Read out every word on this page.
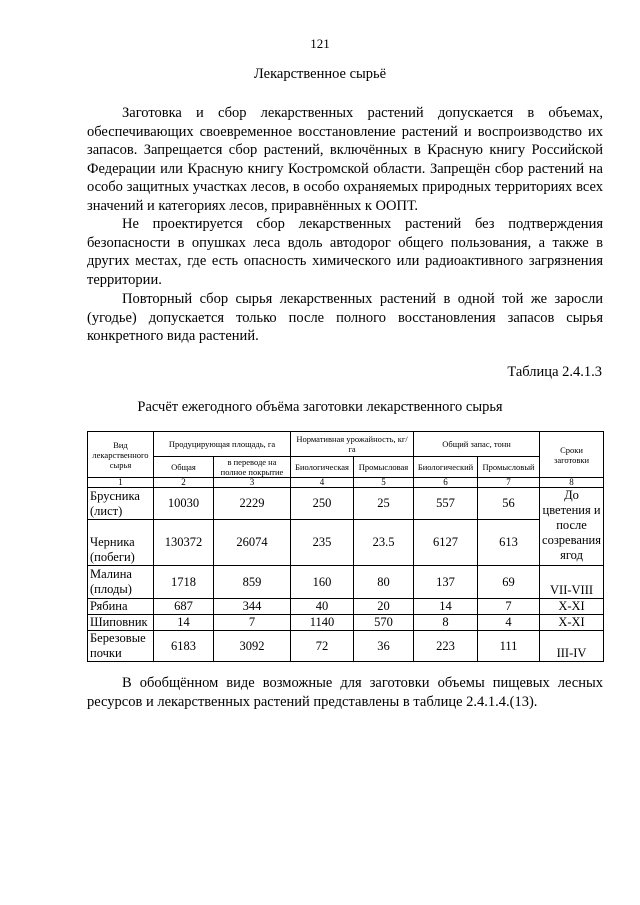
121
Лекарственное сырьё

Заготовка и сбор лекарственных растений допускается в объемах, обеспечивающих своевременное восстановление растений и воспроизводство их запасов. Запрещается сбор растений, включённых в Красную книгу Российской Федерации или Красную книгу Костромской области. Запрещён сбор растений на особо защитных участках лесов, в особо охраняемых природных территориях всех значений и категориях лесов, приравнённых к ООПТ.

Не проектируется сбор лекарственных растений без подтверждения безопасности в опушках леса вдоль автодорог общего пользования, а также в других местах, где есть опасность химического или радиоактивного загрязнения территории.

Повторный сбор сырья лекарственных растений в одной той же заросли (угодье) допускается только после полного восстановления запасов сырья конкретного вида растений.

Таблица 2.4.1.3
Расчёт ежегодного объёма заготовки лекарственного сырья
Вид лекарственного сырья	Продуцирующая площадь, га		Нормативная урожайность, кг/га		Общий запас, тонн		Сроки заготовки
	Общая	в переводе на полное покрытие	Биологическая	Промысловая	Биологический	Промысловый	
1	2	3	4	5	6	7	8
Брусника (лист)	10030	2229	250	25	557	56	До цветения и после созревания ягод
Черника (побеги)	130372	26074	235	23.5	6127	613	
Малина (плоды)	1718	859	160	80	137	69	VII-VIII
Рябина	687	344	40	20	14	7	X-XI
Шиповник	14	7	1140	570	8	4	X-XI
Березовые почки	6183	3092	72	36	223	111	III-IV

В обобщённом виде возможные для заготовки объемы пищевых лесных ресурсов и лекарственных растений представлены в таблице 2.4.1.4.(13).
